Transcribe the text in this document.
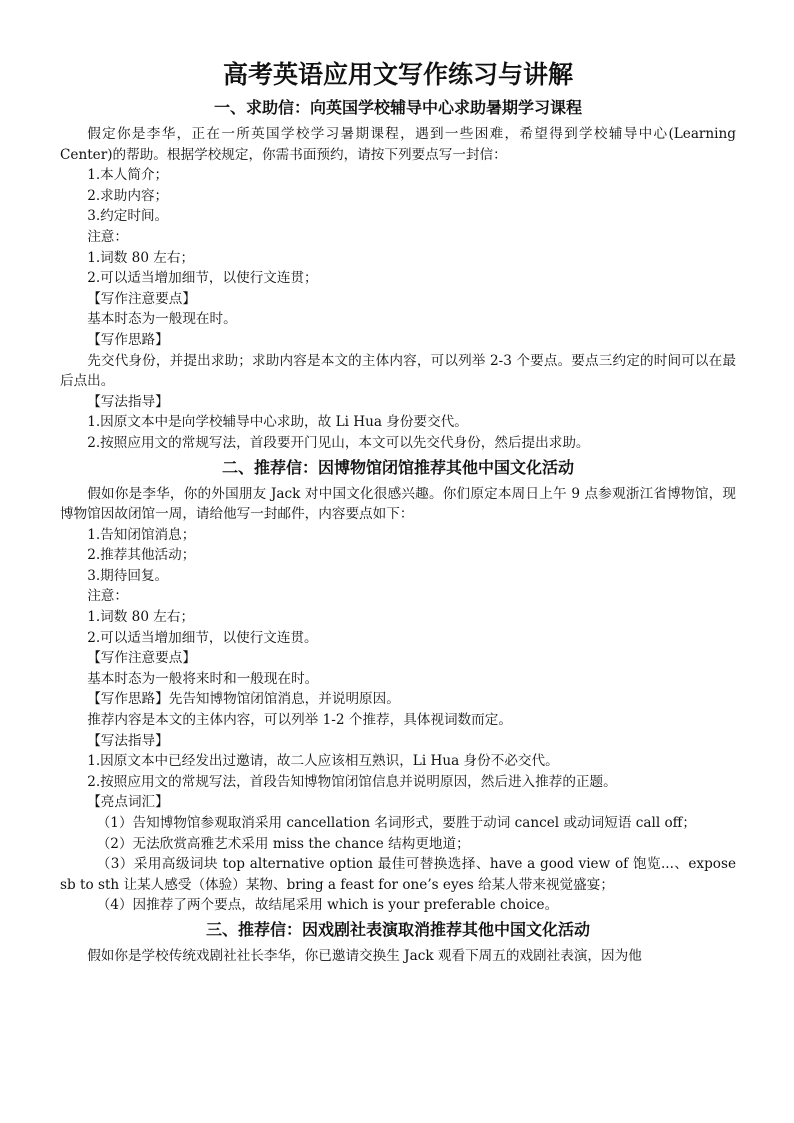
高考英语应用文写作练习与讲解
一、求助信：向英国学校辅导中心求助暑期学习课程

假定你是李华，正在一所英国学校学习暑期课程，遇到一些困难，希望得到学校辅导中心(Learning Center)的帮助。根据学校规定，你需书面预约，请按下列要点写一封信：

1.本人简介；

2.求助内容；

3.约定时间。

注意：

1.词数 80 左右；

2.可以适当增加细节，以使行文连贯；

【写作注意要点】

基本时态为一般现在时。

【写作思路】

先交代身份，并提出求助；求助内容是本文的主体内容，可以列举 2-3 个要点。要点三约定的时间可以在最后点出。

【写法指导】

1.因原文本中是向学校辅导中心求助，故 Li Hua 身份要交代。

2.按照应用文的常规写法，首段要开门见山，本文可以先交代身份，然后提出求助。

二、推荐信：因博物馆闭馆推荐其他中国文化活动

假如你是李华，你的外国朋友 Jack 对中国文化很感兴趣。你们原定本周日上午 9 点参观浙江省博物馆，现博物馆因故闭馆一周，请给他写一封邮件，内容要点如下：

1.告知闭馆消息；

2.推荐其他活动；

3.期待回复。

注意：

1.词数 80 左右；

2.可以适当增加细节，以使行文连贯。

【写作注意要点】

基本时态为一般将来时和一般现在时。

【写作思路】先告知博物馆闭馆消息，并说明原因。

推荐内容是本文的主体内容，可以列举 1-2 个推荐，具体视词数而定。

【写法指导】

1.因原文本中已经发出过邀请，故二人应该相互熟识，Li Hua 身份不必交代。

2.按照应用文的常规写法，首段告知博物馆闭馆信息并说明原因，然后进入推荐的正题。

【亮点词汇】

（1）告知博物馆参观取消采用 cancellation 名词形式，要胜于动词 cancel 或动词短语 call off；

（2）无法欣赏高雅艺术采用 miss the chance 结构更地道；

（3）采用高级词块 top alternative option 最佳可替换选择、have a good view of 饱览...、expose sb to sth 让某人感受（体验）某物、bring a feast for one’s eyes 给某人带来视觉盛宴；

（4）因推荐了两个要点，故结尾采用 which is your preferable choice。

三、推荐信：因戏剧社表演取消推荐其他中国文化活动

假如你是学校传统戏剧社社长李华，你已邀请交换生 Jack 观看下周五的戏剧社表演，因为他
